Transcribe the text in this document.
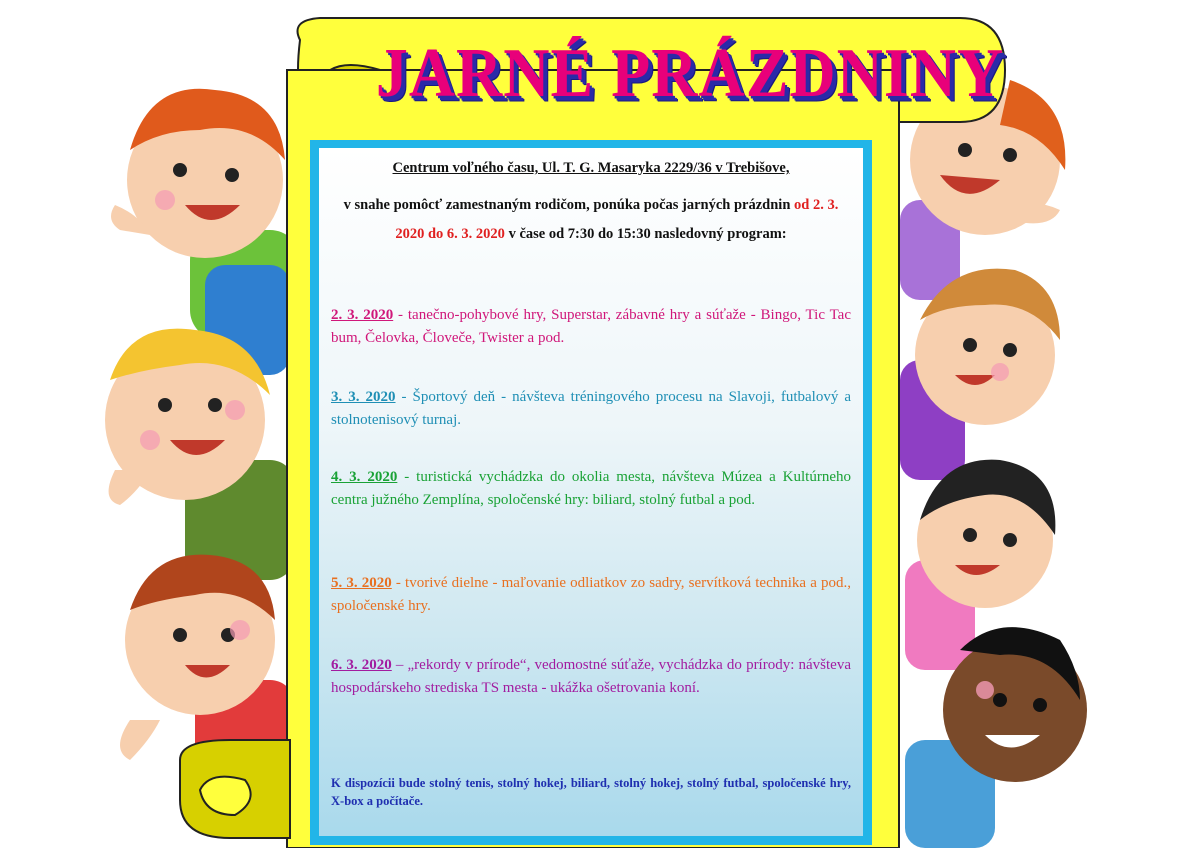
JARNÉ PRÁZDNINY
Centrum voľného času, Ul. T. G. Masaryka 2229/36 v Trebišove,
v snahe pomôcť zamestnaným rodičom, ponúka počas jarných prázdnin od 2. 3. 2020 do 6. 3. 2020 v čase od 7:30 do 15:30 nasledovný program:
2. 3. 2020 - tanečno-pohybové hry, Superstar, zábavné hry a súťaže - Bingo, Tic Tac bum, Čelovka, Človeče, Twister a pod.
3. 3. 2020 - Športový deň - návšteva tréningového procesu na Slavoji, futbalový a stolnotenisový turnaj.
4. 3. 2020 - turistická vychádzka do okolia mesta, návšteva Múzea a Kultúrneho centra južného Zemplína, spoločenské hry: biliard, stolný futbal a pod.
5. 3. 2020 - tvorivé dielne - maľovanie odliatkov zo sadry, servítková technika a pod., spoločenské hry.
6. 3. 2020 – „rekordy v prírode“, vedomostné súťaže, vychádzka do prírody: návšteva hospodárskeho strediska TS mesta - ukážka ošetrovania koní.
K dispozícii bude stolný tenis, stolný hokej, biliard, stolný hokej, stolný futbal, spoločenské hry, X-box a počítače.
